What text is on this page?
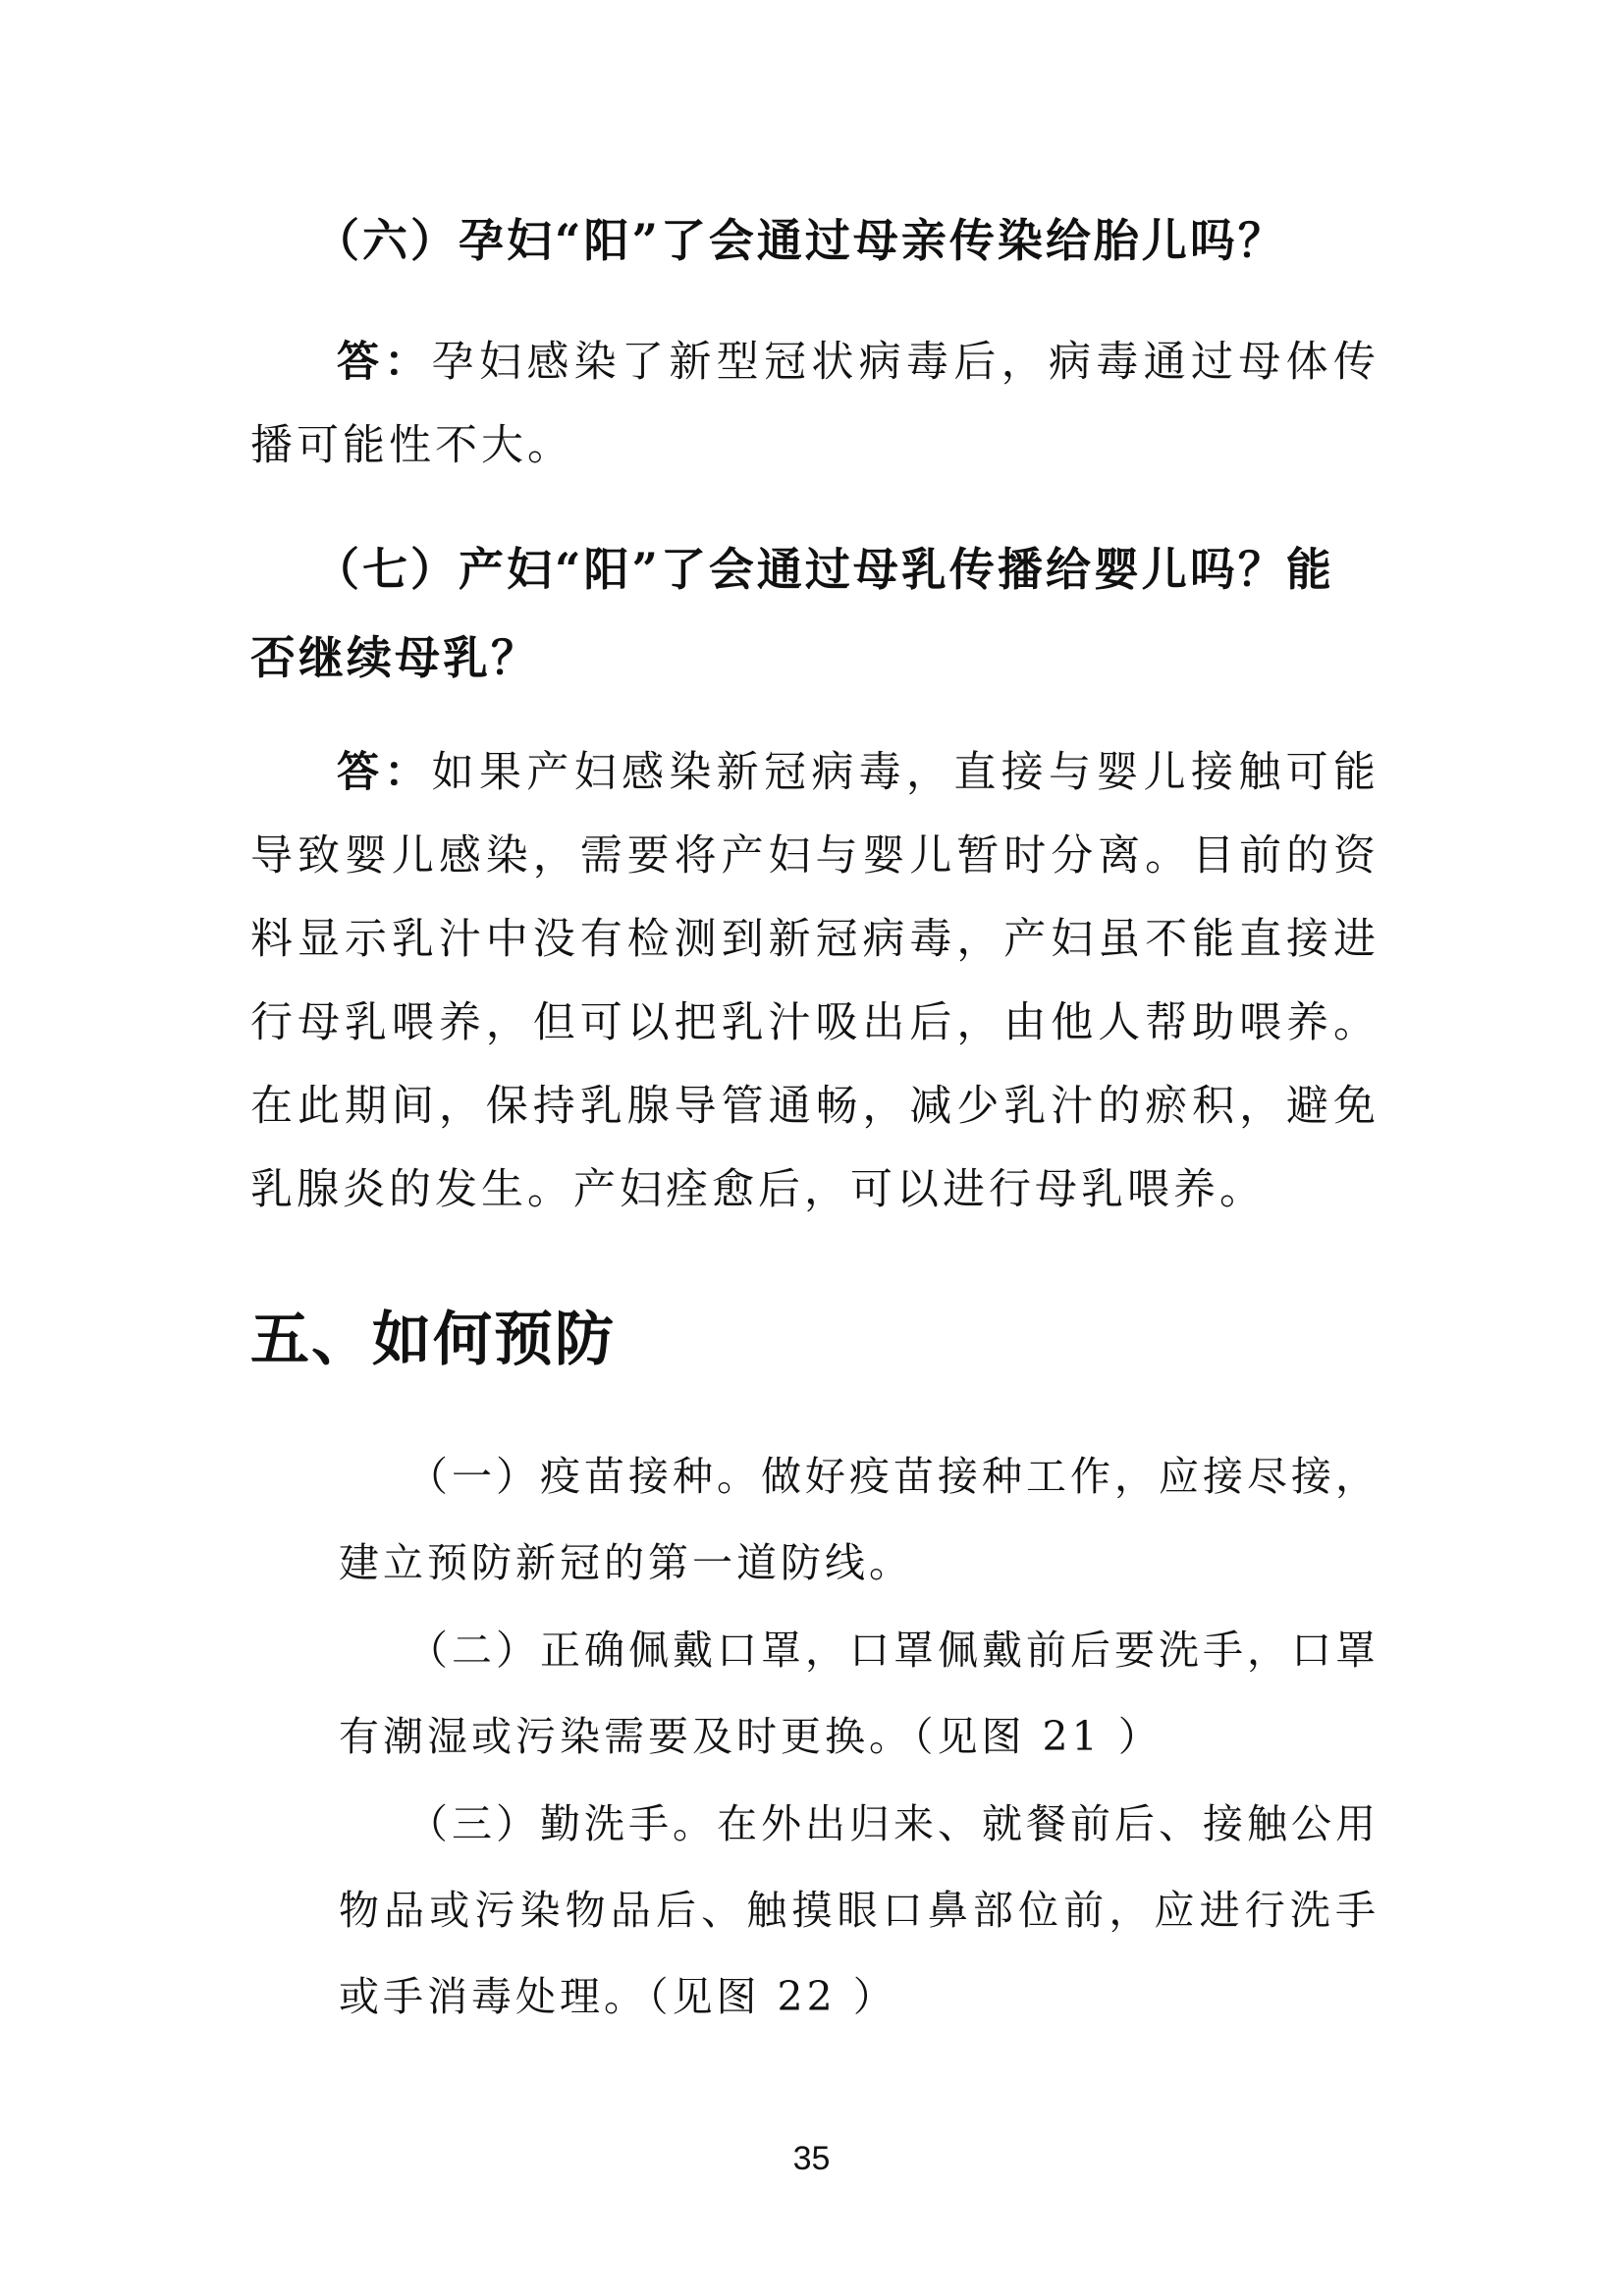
（六）孕妇“阳”了会通过母亲传染给胎儿吗？

答：孕妇感染了新型冠状病毒后，病毒通过母体传播可能性不大。

（七）产妇“阳”了会通过母乳传播给婴儿吗？能否继续母乳？

答：如果产妇感染新冠病毒，直接与婴儿接触可能导致婴儿感染，需要将产妇与婴儿暂时分离。目前的资料显示乳汁中没有检测到新冠病毒，产妇虽不能直接进行母乳喂养，但可以把乳汁吸出后，由他人帮助喂养。在此期间，保持乳腺导管通畅，减少乳汁的瘀积，避免乳腺炎的发生。产妇痊愈后，可以进行母乳喂养。

五、如何预防

（一）疫苗接种。做好疫苗接种工作，应接尽接，建立预防新冠的第一道防线。

（二）正确佩戴口罩，口罩佩戴前后要洗手，口罩有潮湿或污染需要及时更换。（见图 21 ）

（三）勤洗手。在外出归来、就餐前后、接触公用物品或污染物品后、触摸眼口鼻部位前，应进行洗手或手消毒处理。（见图 22 ）

35
